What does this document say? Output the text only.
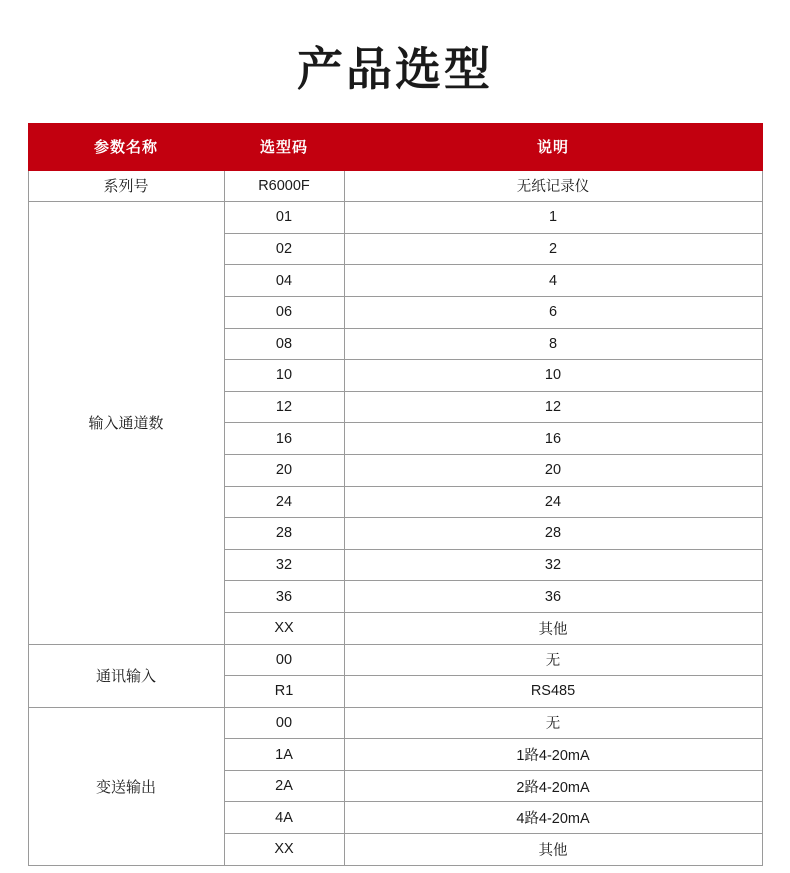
产品选型
参数名称	选型码	说明
系列号	R6000F	无纸记录仪
输入通道数	01	1
	02	2
	04	4
	06	6
	08	8
	10	10
	12	12
	16	16
	20	20
	24	24
	28	28
	32	32
	36	36
	XX	其他
通讯输入	00	无
	R1	RS485
变送输出	00	无
	1A	1路4-20mA
	2A	2路4-20mA
	4A	4路4-20mA
	XX	其他
